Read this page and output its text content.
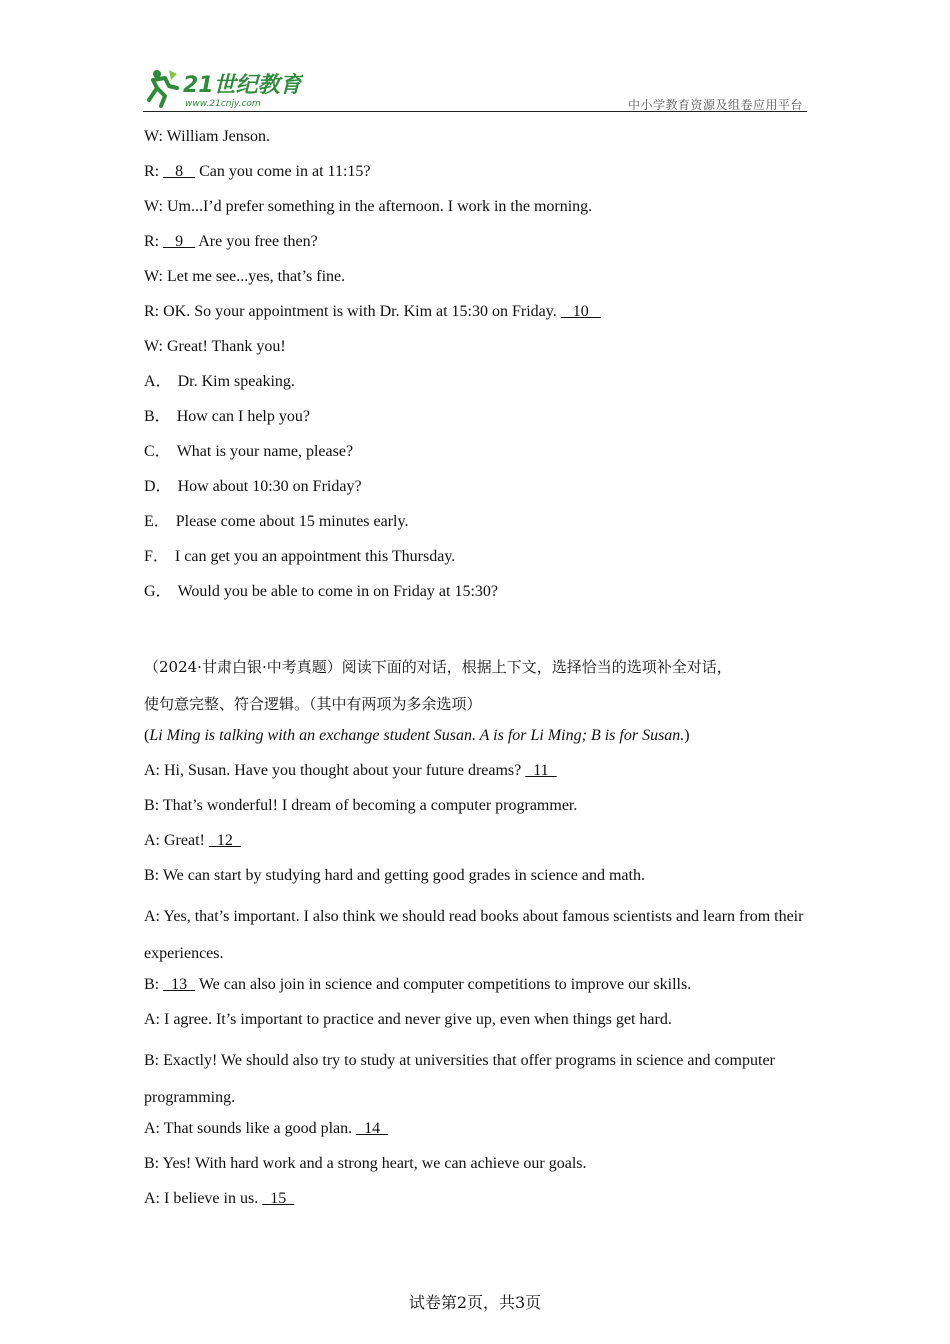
21世纪教育
www.21cnjy.com	中小学教育资源及组卷应用平台
W: William Jenson.
R:    8    Can you come in at 11:15?
W: Um...I’d prefer something in the afternoon. I work in the morning.
R:    9    Are you free then?
W: Let me see...yes, that’s fine.
R: OK. So your appointment is with Dr. Kim at 15:30 on Friday.    10
W: Great! Thank you!
A． Dr. Kim speaking.
B． How can I help you?
C． What is your name, please?
D． How about 10:30 on Friday?
E． Please come about 15 minutes early.
F． I can get you an appointment this Thursday.
G． Would you be able to come in on Friday at 15:30?
（2024·甘肃白银·中考真题）阅读下面的对话，根据上下文，选择恰当的选项补全对话，
使句意完整、符合逻辑。（其中有两项为多余选项）
(Li Ming is talking with an exchange student Susan. A is for Li Ming; B is for Susan.)
A: Hi, Susan. Have you thought about your future dreams?   11
B: That’s wonderful! I dream of becoming a computer programmer.
A: Great!   12
B: We can start by studying hard and getting good grades in science and math.
A: Yes, that’s important. I also think we should read books about famous scientists and learn from their experiences.
B:   13   We can also join in science and computer competitions to improve our skills.
A: I agree. It’s important to practice and never give up, even when things get hard.
B: Exactly! We should also try to study at universities that offer programs in science and computer programming.
A: That sounds like a good plan.   14
B: Yes! With hard work and a strong heart, we can achieve our goals.
A: I believe in us.   15
试卷第2页，共3页
